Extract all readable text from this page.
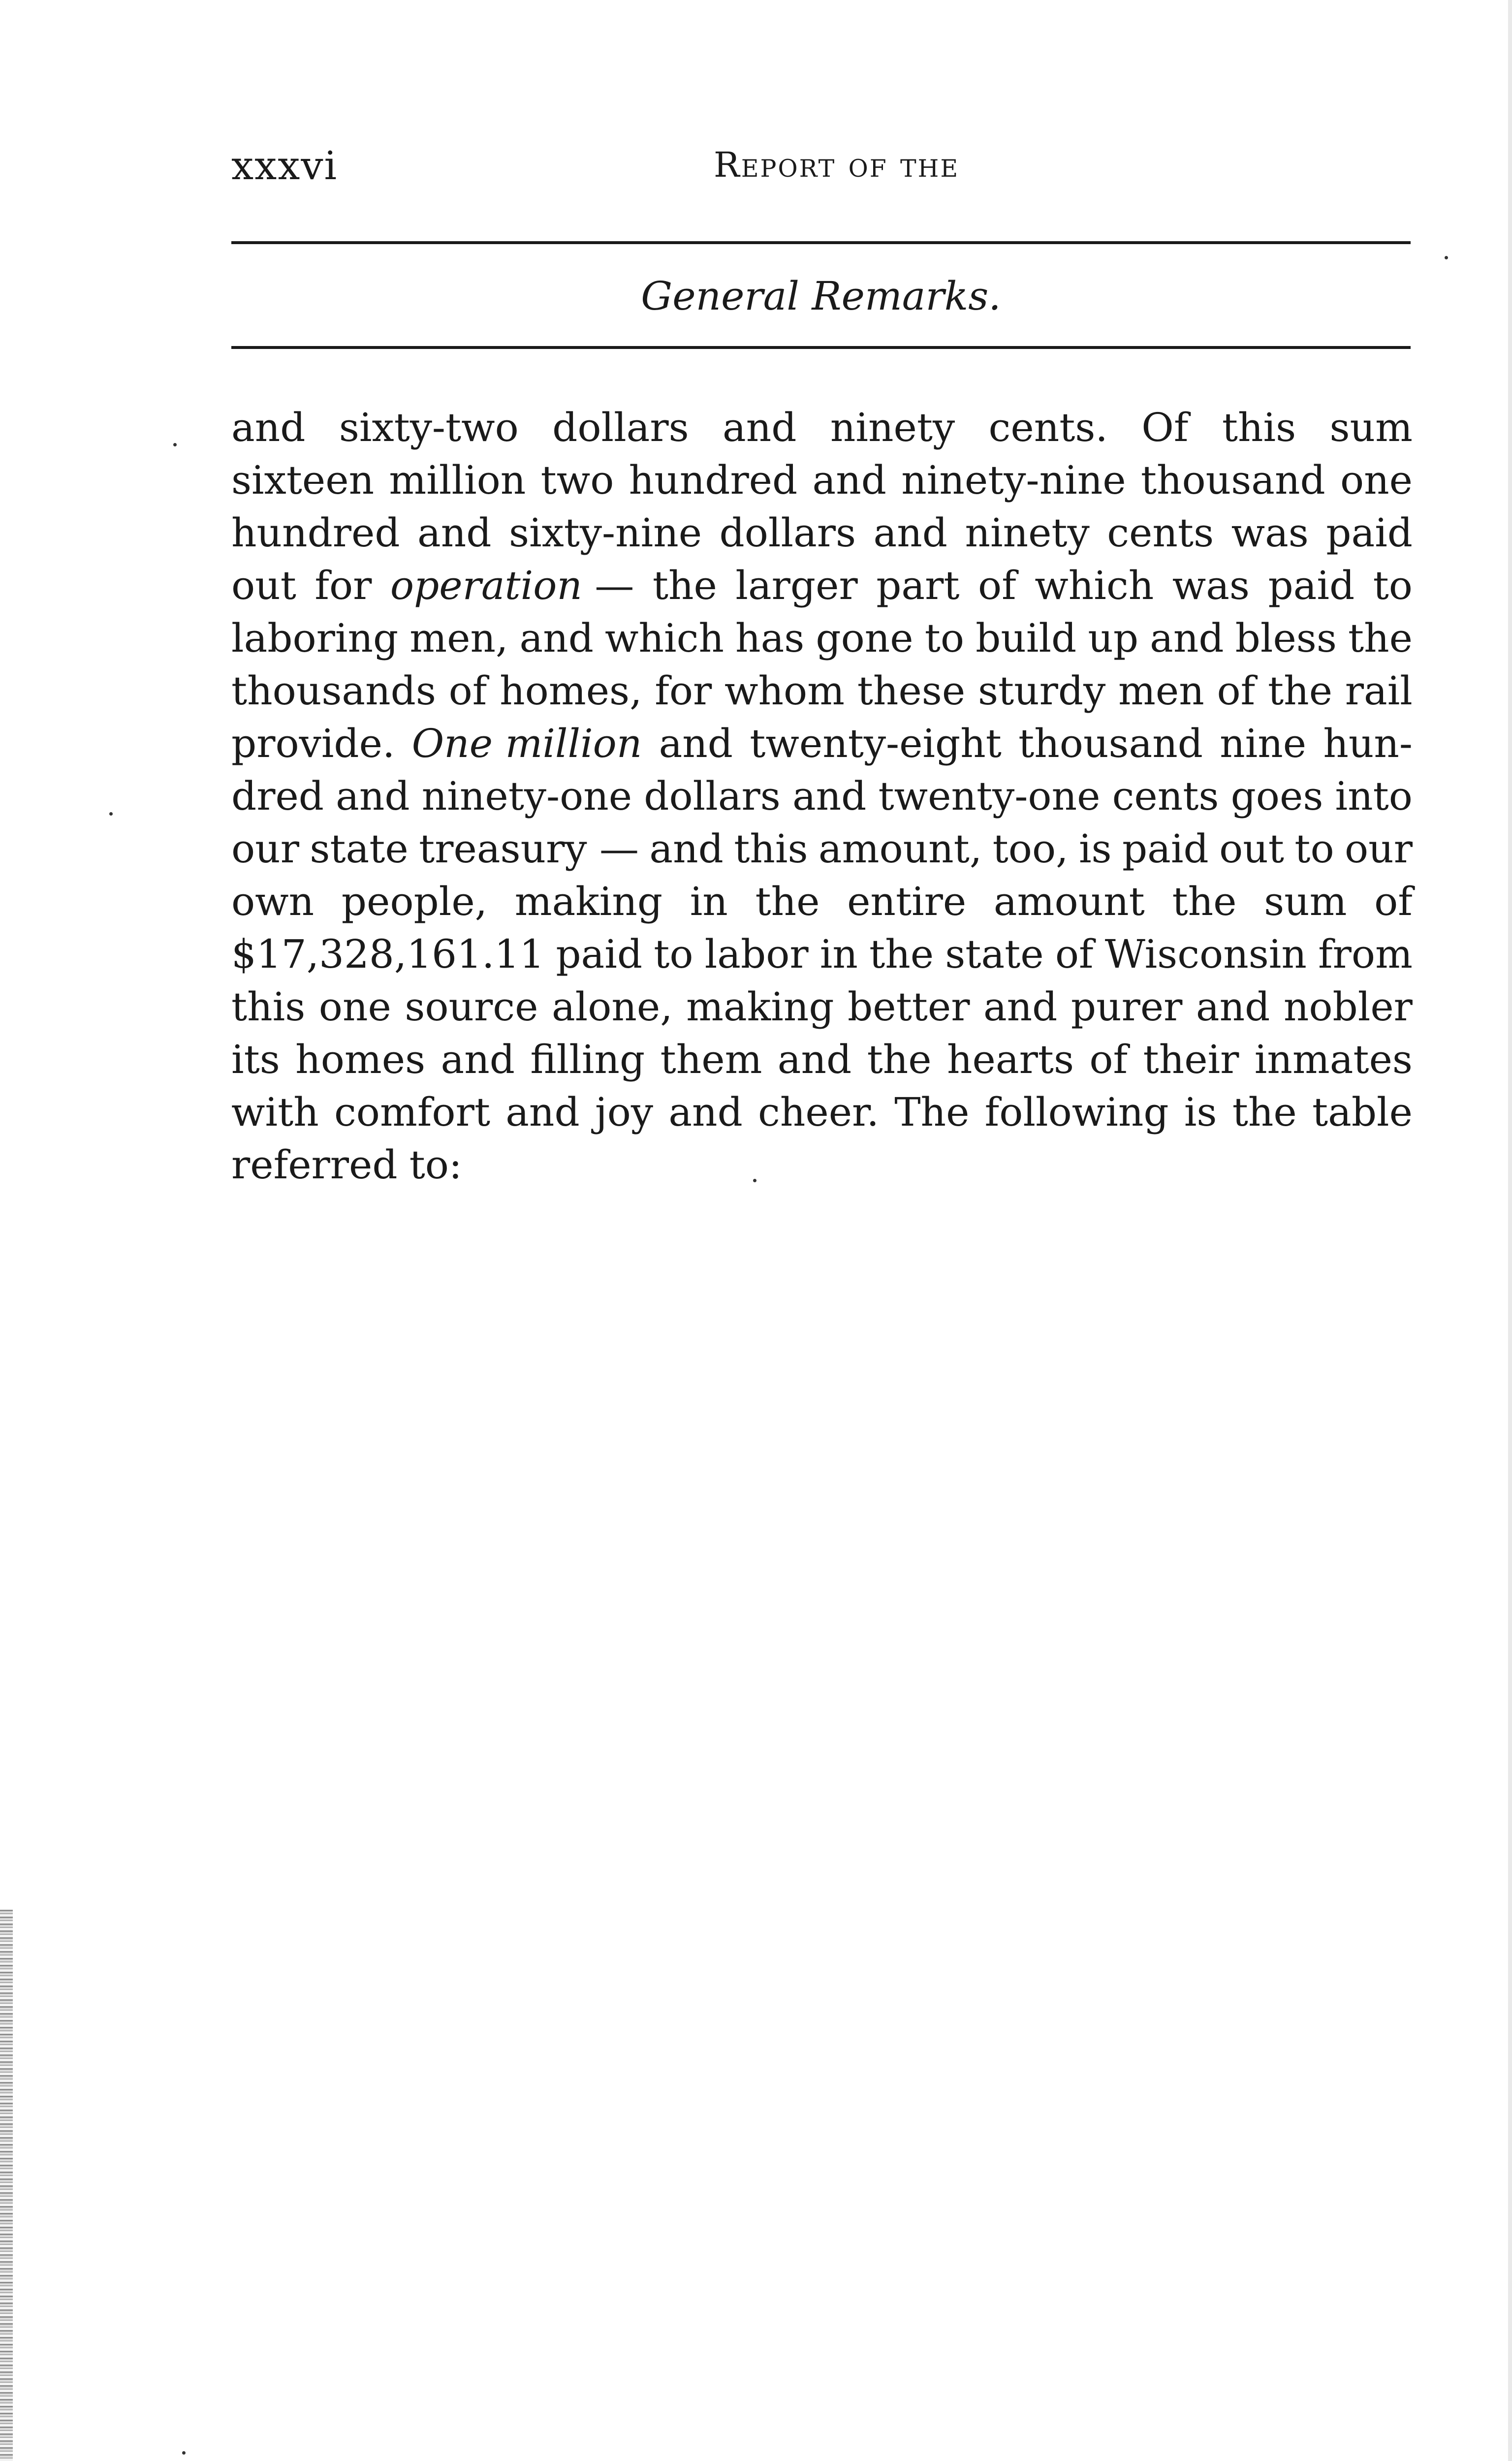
xxxvi	Report of the
General Remarks.
and sixty-two dollars and ninety cents. Of this sum
sixteen million two hundred and ninety-nine thousand one
hundred and sixty-nine dollars and ninety cents was paid
out for operation — the larger part of which was paid to
laboring men, and which has gone to build up and bless the
thousands of homes, for whom these sturdy men of the rail
provide. One million and twenty-eight thousand nine hun-
dred and ninety-one dollars and twenty-one cents goes into
our state treasury — and this amount, too, is paid out to our
own people, making in the entire amount the sum of
$17,328,161.11 paid to labor in the state of Wisconsin from
this one source alone, making better and purer and nobler
its homes and filling them and the hearts of their inmates
with comfort and joy and cheer. The following is the table
referred to:
